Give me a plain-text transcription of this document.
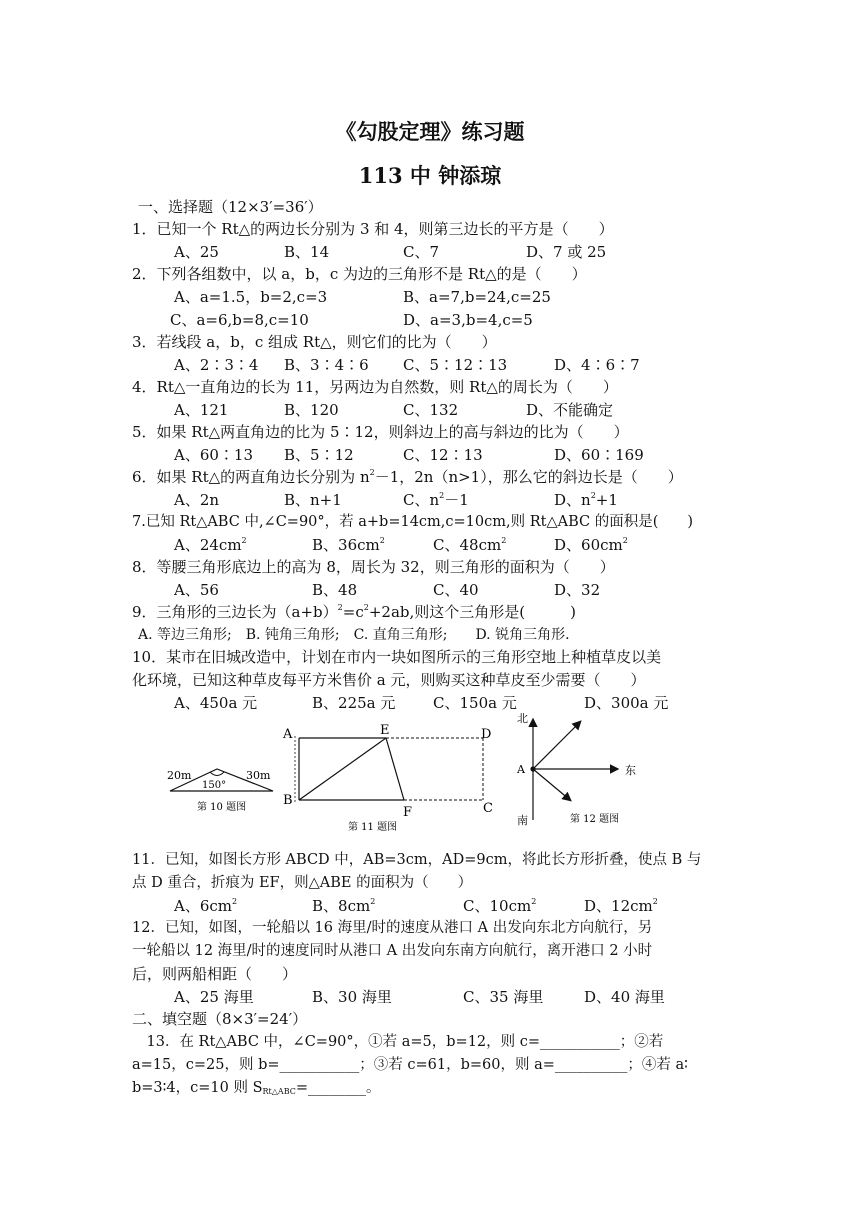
《勾股定理》练习题
113 中 钟添琼
一、选择题（12×3′=36′）
1．已知一个 Rt△的两边长分别为 3 和 4，则第三边长的平方是（　　）
A、25	B、14	C、7	D、7 或 25
2．下列各组数中，以 a，b，c 为边的三角形不是 Rt△的是（　　）
A、a=1.5，b=2,c=3	B、a=7,b=24,c=25
C、a=6,b=8,c=10	D、a=3,b=4,c=5
3．若线段 a，b，c 组成 Rt△，则它们的比为（　　）
A、2∶3∶4 B、3∶4∶6 C、5∶12∶13	D、4∶6∶7
4．Rt△一直角边的长为 11，另两边为自然数，则 Rt△的周长为（　　）
A、121	B、120	C、132	D、不能确定
5．如果 Rt△两直角边的比为 5∶12，则斜边上的高与斜边的比为（　　）
A、60∶13 B、5∶12	C、12∶13	D、60∶169
6．如果 Rt△的两直角边长分别为 $n^2-1$，2n（n>1），那么它的斜边长是（　　）
A、2n	B、n+1	C、$n^2-1$	D、$n^2+1$
7.已知 Rt△ABC 中,∠C=90°，若 a+b=14cm,c=10cm,则 Rt△ABC 的面积是(　　)
A、$24cm^2$	B、$36cm^2$	C、$48cm^2$	D、$60cm^2$
8．等腰三角形底边上的高为 8，周长为 32，则三角形的面积为（　　）
A、56	B、48	C、40	D、32
9．三角形的三边长为$(a+b)^2=c^2+2ab$,则这个三角形是(　　　)
A. 等边三角形;　B. 钝角三角形;　C. 直角三角形;　　D. 锐角三角形.
10．某市在旧城改造中，计划在市内一块如图所示的三角形空地上种植草皮以美
化环境，已知这种草皮每平方米售价 a 元，则购买这种草皮至少需要（　　）
A、450a 元	B、225a 元	C、150a 元	D、300a 元
20m	30m
150°
第 10 题图
A
B
D
C
E
F
第 11 题图
北
南
东
A
第 12 题图
11．已知，如图长方形 ABCD 中，AB=3cm，AD=9cm，将此长方形折叠，使点 B 与
点 D 重合，折痕为 EF，则△ABE 的面积为（　　）
A、$6cm^2$	B、$8cm^2$	C、$10cm^2$	D、$12cm^2$
12．已知，如图，一轮船以 16 海里/时的速度从港口 A 出发向东北方向航行，另
一轮船以 12 海里/时的速度同时从港口 A 出发向东南方向航行，离开港口 2 小时
后，则两船相距（　　）
A、25 海里	B、30 海里	C、35 海里	D、40 海里
二、填空题（8×3′=24′）
　13．在 Rt△ABC 中，∠C=90°，①若 a=5，b=12，则 c=___________；②若
a=15，c=25，则 b=___________；③若 c=61，b=60，则 a=__________；④若 a∶
b=3∶4，c=10 则 $S_{Rt\triangle ABC}=\_\_\_\_\_\_\_\_$。
